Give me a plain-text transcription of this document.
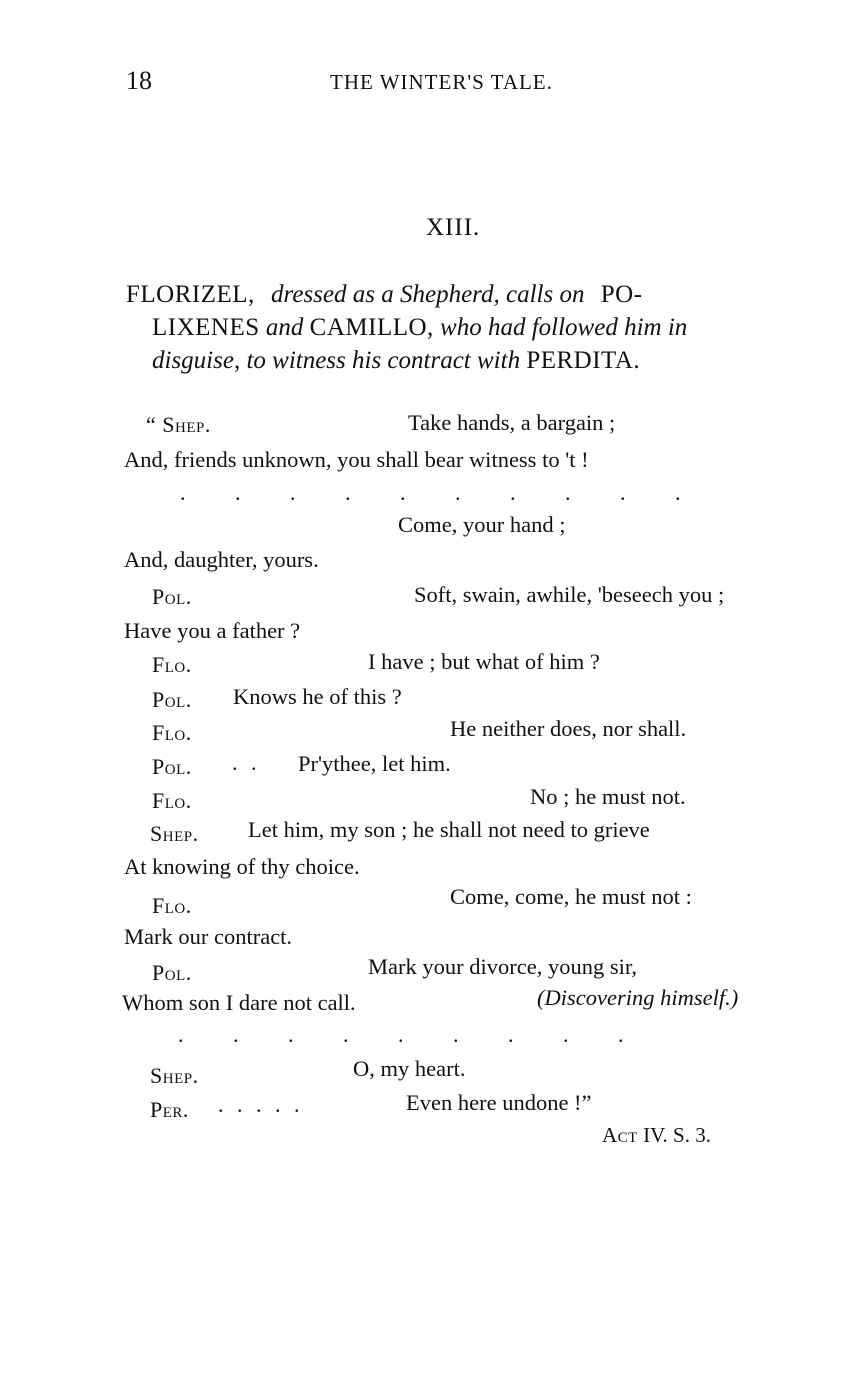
18	THE WINTER'S TALE.
XIII.
FLORIZEL, dressed as a Shepherd, calls on PO-
LIXENES and CAMILLO, who had followed him in
disguise, to witness his contract with PERDITA.
“ Shep.	Take hands, a bargain ;
And, friends unknown, you shall bear witness to 't !
. . . . . . . . . .
Come, your hand ;
And, daughter, yours.
Pol.	Soft, swain, awhile, 'beseech you ;
Have you a father ?
Flo.	I have ; but what of him ?
Pol. Knows he of this ?
Flo.	He neither does, nor shall.
Pol. . . Pr'ythee, let him.
Flo.	No ; he must not.
Shep. Let him, my son ; he shall not need to grieve
At knowing of thy choice.
Flo.	Come, come, he must not :
Mark our contract.
Pol.	Mark your divorce, young sir,
Whom son I dare not call.	(Discovering himself.)
. . . . . . . . .
Shep.	O, my heart.
Per. . . . . .	Even here undone !”
Act IV. S. 3.
